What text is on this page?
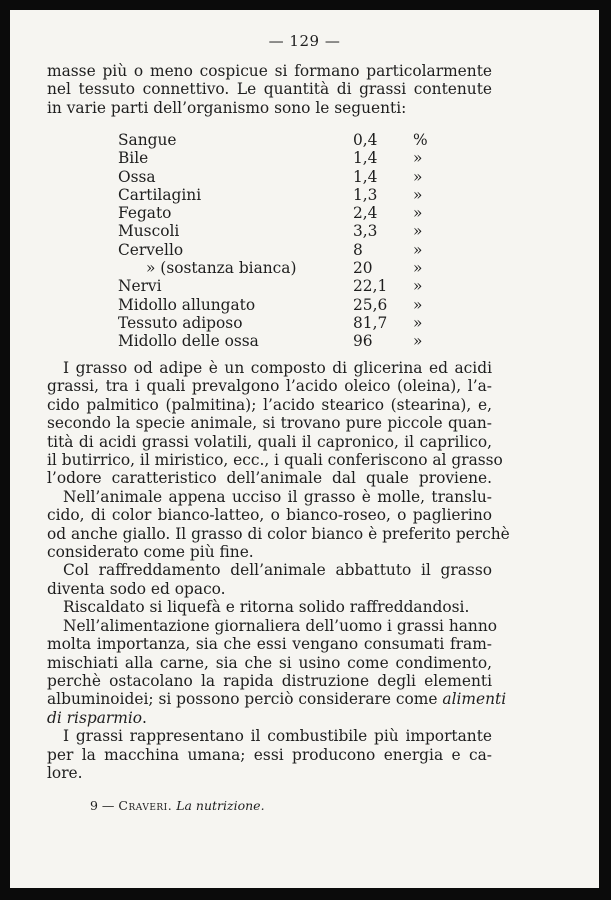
— 129 —
masse più o meno cospicue si formano particolarmente
nel tessuto connettivo. Le quantità di grassi contenute
in varie parti dell’organismo sono le seguenti:
Sangue	0,4 %
Bile	1,4 »
Ossa	1,4 »
Cartilagini	1,3 »
Fegato	2,4 »
Muscoli	3,3 »
Cervello	8	»
» (sostanza bianca)	20	»
Nervi	22,1 »
Midollo allungato	25,6 »
Tessuto adiposo	81,7 »
Midollo delle ossa	96	»
I grasso od adipe è un composto di glicerina ed acidi
grassi, tra i quali prevalgono l’acido oleico (oleina), l’a-
cido palmitico (palmitina); l’acido stearico (stearina), e,
secondo la specie animale, si trovano pure piccole quan-
tità di acidi grassi volatili, quali il capronico, il caprilico,
il butirrico, il miristico, ecc., i quali conferiscono al grasso
l’odore caratteristico dell’animale dal quale proviene.
Nell’animale appena ucciso il grasso è molle, translu-
cido, di color bianco-latteo, o bianco-roseo, o paglierino
od anche giallo. Il grasso di color bianco è preferito perchè
considerato come più fine.
Col raffreddamento dell’animale abbattuto il grasso
diventa sodo ed opaco.
Riscaldato si liquefà e ritorna solido raffreddandosi.
Nell’alimentazione giornaliera dell’uomo i grassi hanno
molta importanza, sia che essi vengano consumati fram-
mischiati alla carne, sia che si usino come condimento,
perchè ostacolano la rapida distruzione degli elementi
albuminoidei; si possono perciò considerare come alimenti
di risparmio.
I grassi rappresentano il combustibile più importante
per la macchina umana; essi producono energia e ca-
lore.
9 — Craveri. La nutrizione.
